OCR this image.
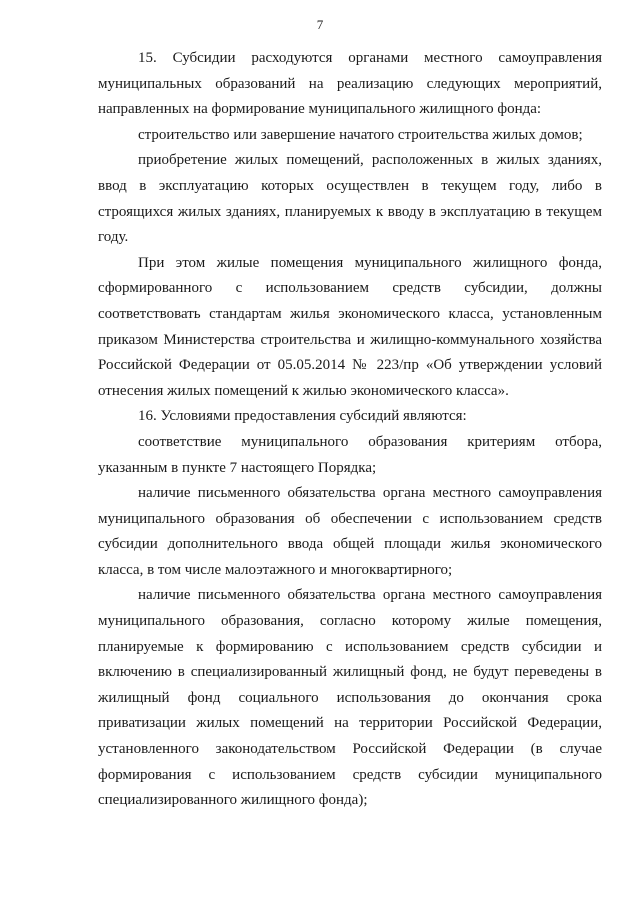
7

15. Субсидии расходуются органами местного самоуправления муниципальных образований на реализацию следующих мероприятий, направленных на формирование муниципального жилищного фонда:

строительство или завершение начатого строительства жилых домов;

приобретение жилых помещений, расположенных в жилых зданиях, ввод в эксплуатацию которых осуществлен в текущем году, либо в строящихся жилых зданиях, планируемых к вводу в эксплуатацию в текущем году.

При этом жилые помещения муниципального жилищного фонда, сформированного с использованием средств субсидии, должны соответствовать стандартам жилья экономического класса, установленным приказом Министерства строительства и жилищно-коммунального хозяйства Российской Федерации от 05.05.2014 № 223/пр «Об утверждении условий отнесения жилых помещений к жилью экономического класса».

16. Условиями предоставления субсидий являются:

соответствие муниципального образования критериям отбора, указанным в пункте 7 настоящего Порядка;

наличие письменного обязательства органа местного самоуправления муниципального образования об обеспечении с использованием средств субсидии дополнительного ввода общей площади жилья экономического класса, в том числе малоэтажного и многоквартирного;

наличие письменного обязательства органа местного самоуправления муниципального образования, согласно которому жилые помещения, планируемые к формированию с использованием средств субсидии и включению в специализированный жилищный фонд, не будут переведены в жилищный фонд социального использования до окончания срока приватизации жилых помещений на территории Российской Федерации, установленного законодательством Российской Федерации (в случае формирования с использованием средств субсидии муниципального специализированного жилищного фонда);
